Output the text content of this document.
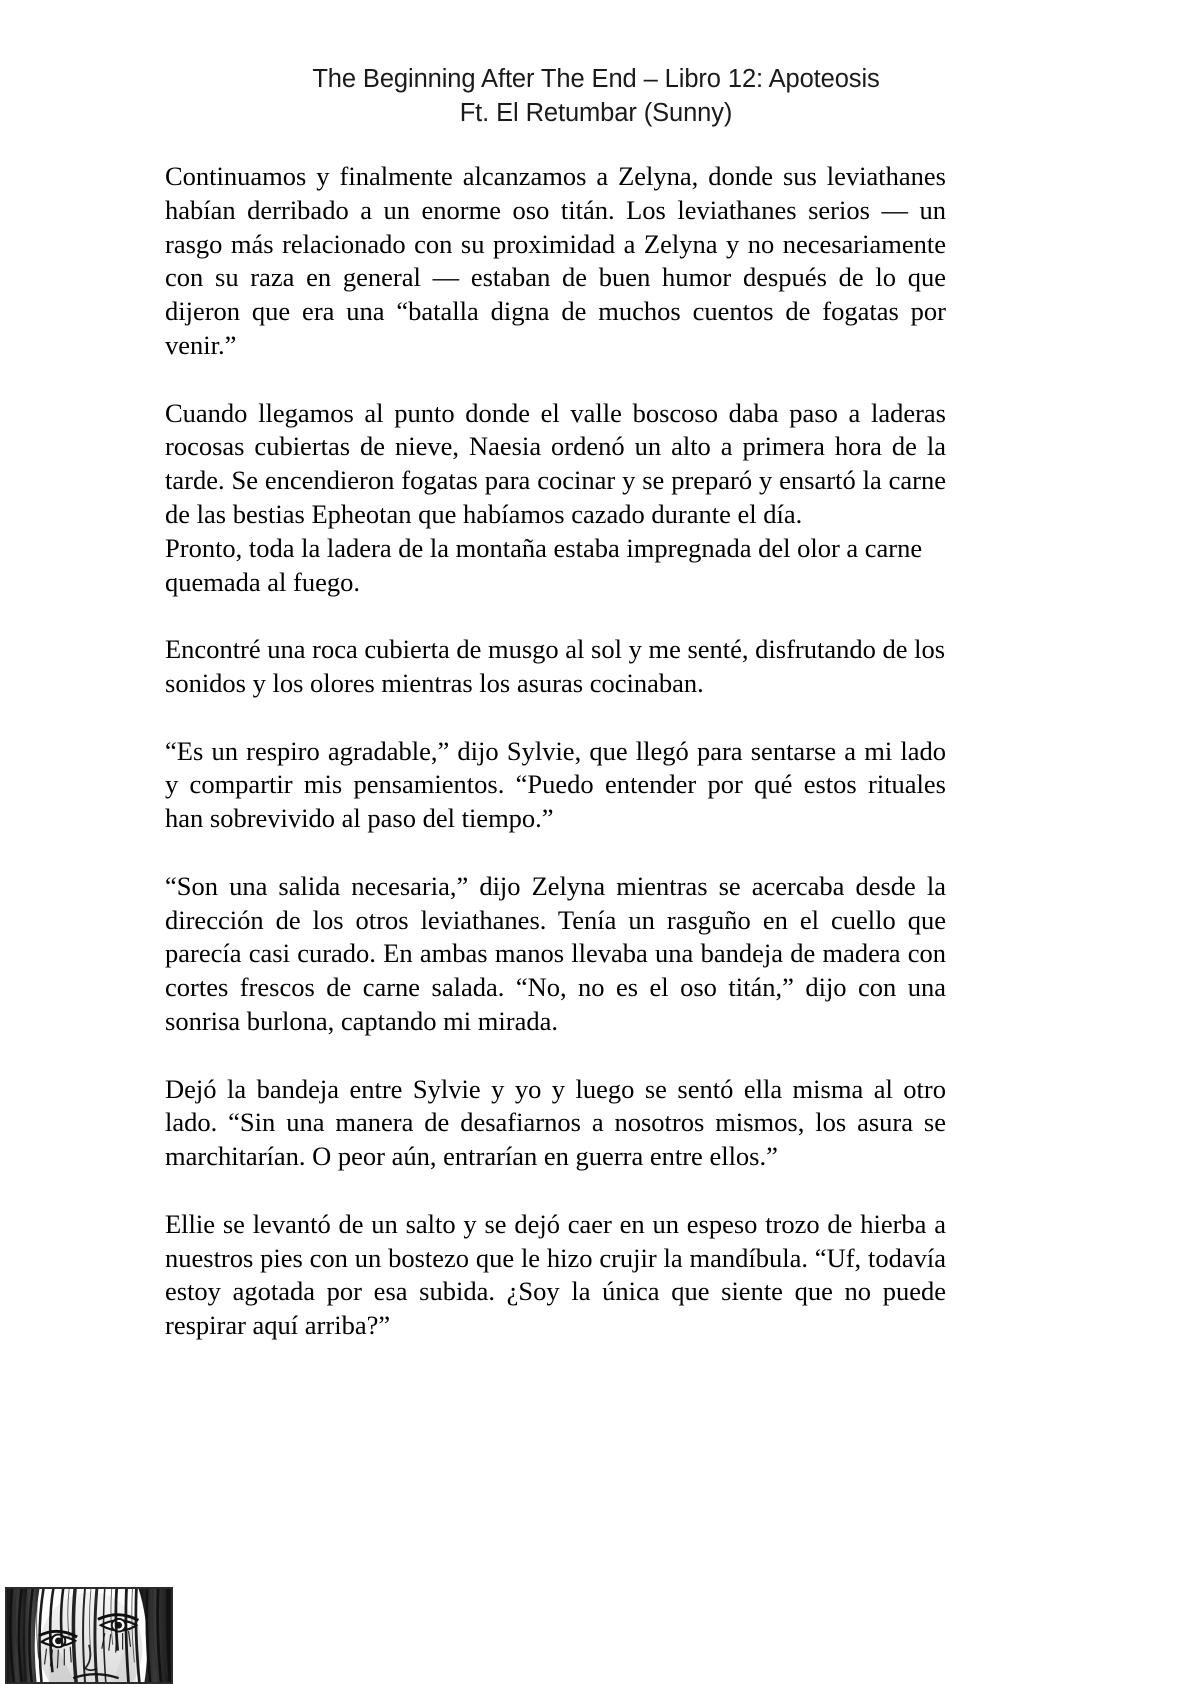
The Beginning After The End – Libro 12: Apoteosis
Ft. El Retumbar (Sunny)

Continuamos y finalmente alcanzamos a Zelyna, donde sus leviathanes habían derribado a un enorme oso titán. Los leviathanes serios — un rasgo más relacionado con su proximidad a Zelyna y no necesariamente con su raza en general — estaban de buen humor después de lo que dijeron que era una “batalla digna de muchos cuentos de fogatas por venir.”

Cuando llegamos al punto donde el valle boscoso daba paso a laderas rocosas cubiertas de nieve, Naesia ordenó un alto a primera hora de la tarde. Se encendieron fogatas para cocinar y se preparó y ensartó la carne de las bestias Epheotan que habíamos cazado durante el día.

Pronto, toda la ladera de la montaña estaba impregnada del olor a carne quemada al fuego.

Encontré una roca cubierta de musgo al sol y me senté, disfrutando de los sonidos y los olores mientras los asuras cocinaban.

“Es un respiro agradable,” dijo Sylvie, que llegó para sentarse a mi lado y compartir mis pensamientos. “Puedo entender por qué estos rituales han sobrevivido al paso del tiempo.”

“Son una salida necesaria,” dijo Zelyna mientras se acercaba desde la dirección de los otros leviathanes. Tenía un rasguño en el cuello que parecía casi curado. En ambas manos llevaba una bandeja de madera con cortes frescos de carne salada. “No, no es el oso titán,” dijo con una sonrisa burlona, captando mi mirada.

Dejó la bandeja entre Sylvie y yo y luego se sentó ella misma al otro lado. “Sin una manera de desafiarnos a nosotros mismos, los asura se marchitarían. O peor aún, entrarían en guerra entre ellos.”

Ellie se levantó de un salto y se dejó caer en un espeso trozo de hierba a nuestros pies con un bostezo que le hizo crujir la mandíbula. “Uf, todavía estoy agotada por esa subida. ¿Soy la única que siente que no puede respirar aquí arriba?”
